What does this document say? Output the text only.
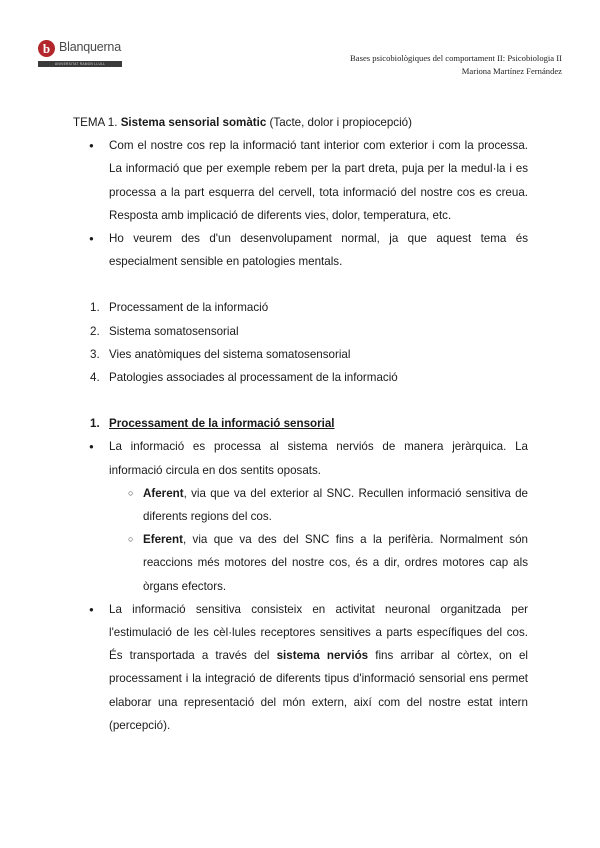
b Blanquerna
UNIVERSITAT RAMON LLULL
Bases psicobiològiques del comportament II: Psicobiologia II
Mariona Martínez Fernández

TEMA 1. Sistema sensorial somàtic (Tacte, dolor i propiocepció)

● Com el nostre cos rep la informació tant interior com exterior i com la processa. La informació que per exemple rebem per la part dreta, puja per la medul·la i es processa a la part esquerra del cervell, tota informació del nostre cos es creua. Resposta amb implicació de diferents vies, dolor, temperatura, etc.
● Ho veurem des d'un desenvolupament normal, ja que aquest tema és especialment sensible en patologies mentals.
1. Processament de la informació
2. Sistema somatosensorial
3. Vies anatòmiques del sistema somatosensorial
4. Patologies associades al processament de la informació
1. Processament de la informació sensorial
● La informació es processa al sistema nerviós de manera jeràrquica. La informació circula en dos sentits oposats.
○ Aferent, via que va del exterior al SNC. Recullen informació sensitiva de diferents regions del cos.
○ Eferent, via que va des del SNC fins a la perifèria. Normalment són reaccions més motores del nostre cos, és a dir, ordres motores cap als òrgans efectors.
● La informació sensitiva consisteix en activitat neuronal organitzada per l'estimulació de les cèl·lules receptores sensitives a parts específiques del cos. És transportada a través del sistema nerviós fins arribar al còrtex, on el processament i la integració de diferents tipus d'informació sensorial ens permet elaborar una representació del món extern, així com del nostre estat intern (percepció).
